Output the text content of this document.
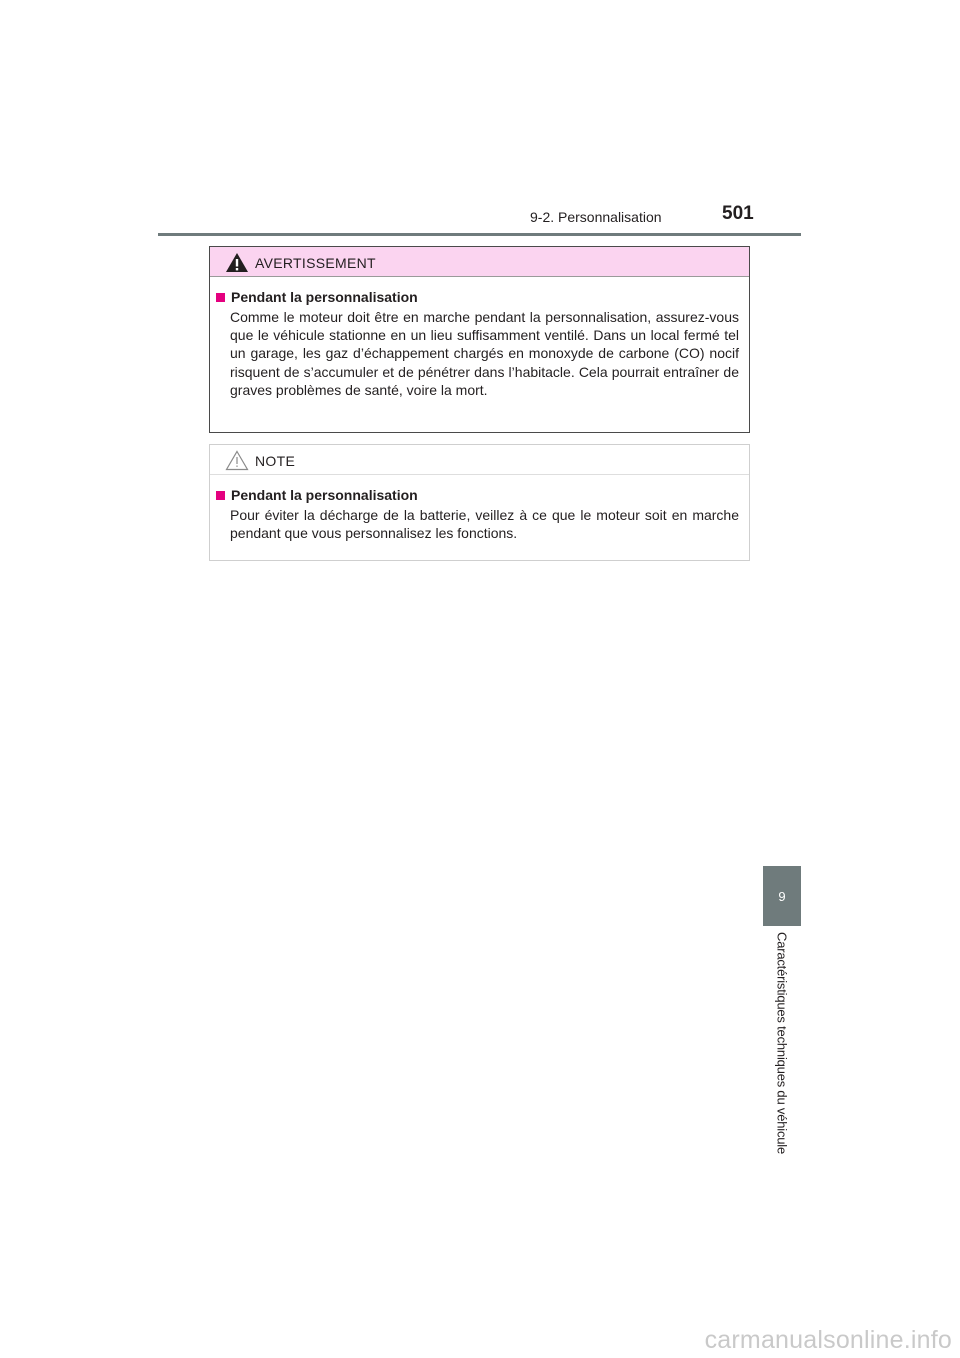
9-2. Personnalisation	501
AVERTISSEMENT
Pendant la personnalisation
Comme le moteur doit être en marche pendant la personnalisation, assurez-vous que le véhicule stationne en un lieu suffisamment ventilé. Dans un local fermé tel un garage, les gaz d’échappement chargés en monoxyde de carbone (CO) nocif risquent de s’accumuler et de pénétrer dans l’habitacle. Cela pourrait entraîner de graves problèmes de santé, voire la mort.
NOTE
Pendant la personnalisation
Pour éviter la décharge de la batterie, veillez à ce que le moteur soit en marche pendant que vous personnalisez les fonctions.
9
Caractéristiques techniques du véhicule
carmanualsonline.info
